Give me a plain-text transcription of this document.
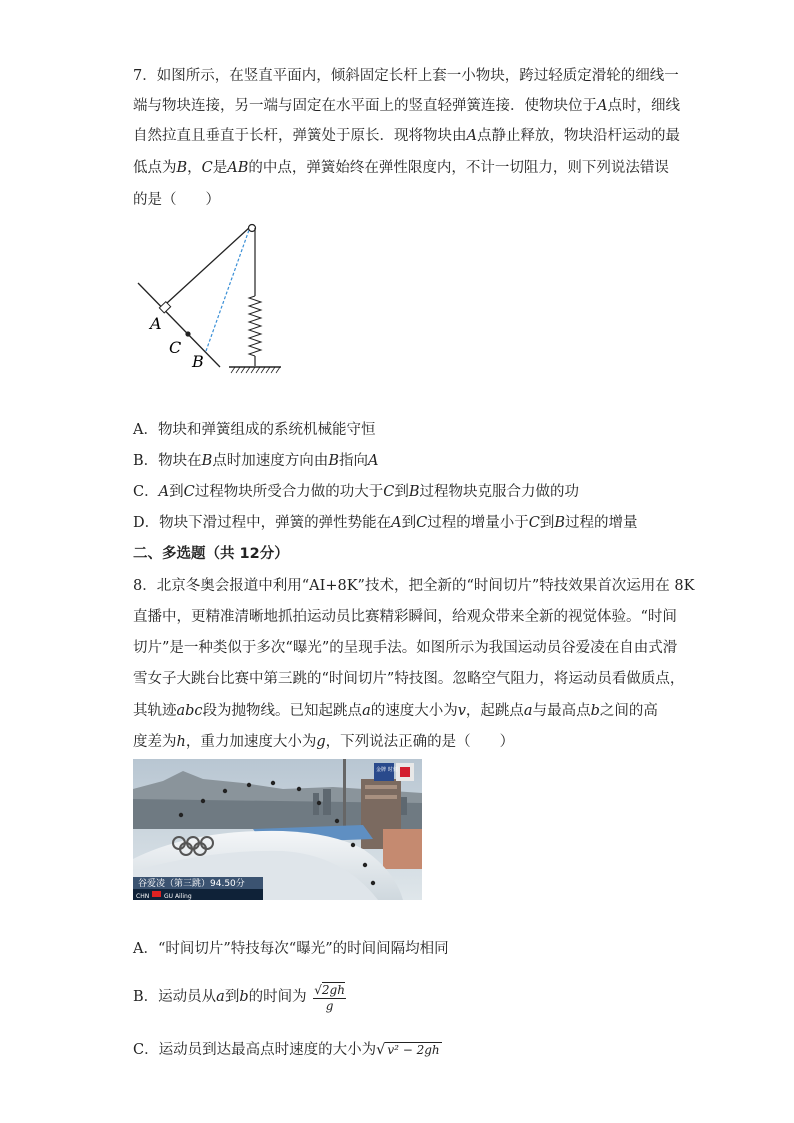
7．如图所示，在竖直平面内，倾斜固定长杆上套一小物块，跨过轻质定滑轮的细线一
端与物块连接，另一端与固定在水平面上的竖直轻弹簧连接．使物块位于A点时，细线
自然拉直且垂直于长杆，弹簧处于原长．现将物块由A点静止释放，物块沿杆运动的最
低点为B，C是AB的中点，弹簧始终在弹性限度内，不计一切阻力，则下列说法错误
的是（　　）
A
C
B
A．物块和弹簧组成的系统机械能守恒
B．物块在B点时加速度方向由B指向A
C．A到C过程物块所受合力做的功大于C到B过程物块克服合力做的功
D．物块下滑过程中，弹簧的弹性势能在A到C过程的增量小于C到B过程的增量
二、多选题（共 12分）
8．北京冬奥会报道中利用“AI+8K”技术，把全新的“时间切片”特技效果首次运用在 8K
直播中，更精准清晰地抓拍运动员比赛精彩瞬间，给观众带来全新的视觉体验。“时间
切片”是一种类似于多次“曝光”的呈现手法。如图所示为我国运动员谷爱凌在自由式滑
雪女子大跳台比赛中第三跳的“时间切片”特技图。忽略空气阻力，将运动员看做质点，
其轨迹abc段为抛物线。已知起跳点a的速度大小为v，起跳点a与最高点b之间的高
度差为h，重力加速度大小为g，下列说法正确的是（　　）
谷爱凌（第三跳）94.50分
CHN GU Ailing
金牌 时刻
A．“时间切片”特技每次“曝光”的时间间隔均相同
B．运动员从a到b的时间为 $\frac{√2gh}{g}$
C．运动员到达最高点时速度的大小为√ v² − 2gh
